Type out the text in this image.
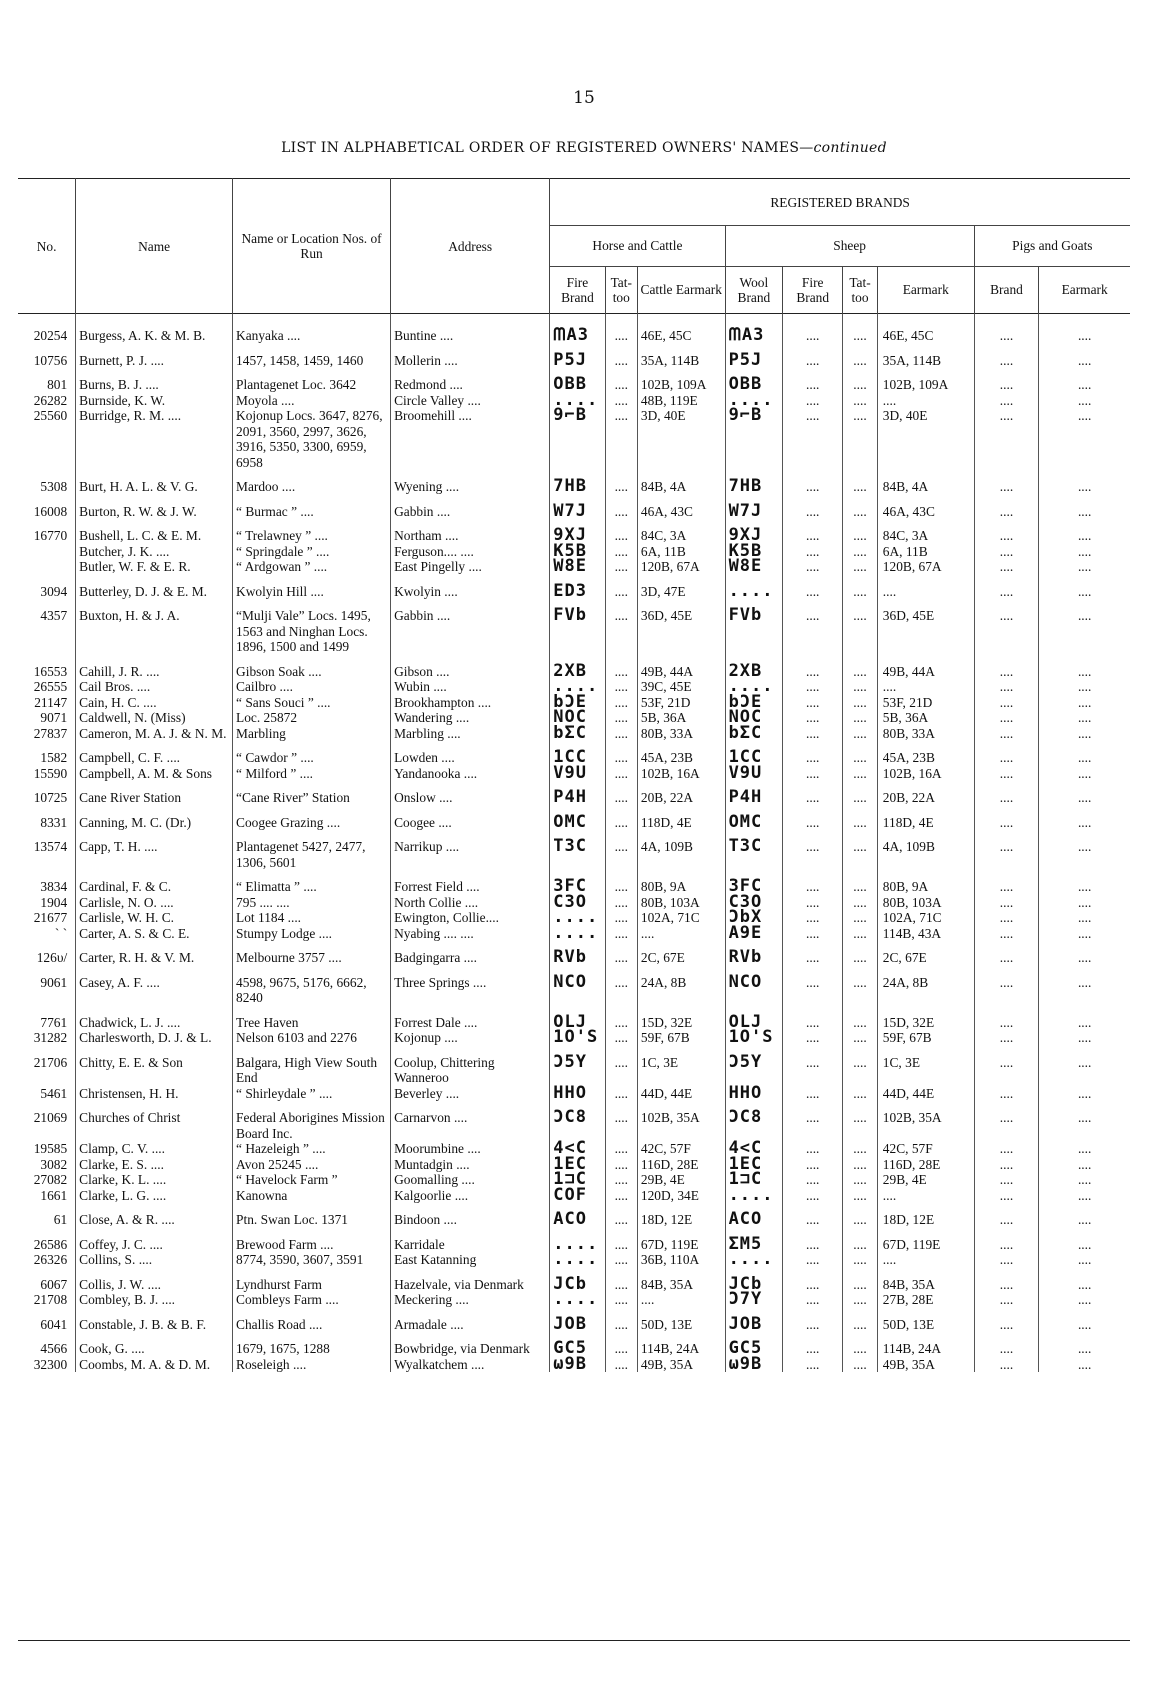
15
LIST IN ALPHABETICAL ORDER OF REGISTERED OWNERS' NAMES—continued
No.	Name	Name or Location Nos. of Run	Address	REGISTERED BRANDS								
				Horse and Cattle			Sheep				Pigs and Goats	
				Fire Brand	Tat-too	Cattle Earmark	Wool Brand	Fire Brand	Tat-too	Earmark	Brand	Earmark
20254	Burgess, A. K. & M. B.	Kanyaka ....	Buntine ....	ᗰA3	....	46E, 45C	ᗰA3	....	....	46E, 45C	....	....
10756	Burnett, P. J. ....	1457, 1458, 1459, 1460	Mollerin ....	P5J	....	35A, 114B	P5J	....	....	35A, 114B	....	....
801	Burns, B. J. ....	Plantagenet Loc. 3642	Redmond ....	OBB	....	102B, 109A	OBB	....	....	102B, 109A	....	....
26282	Burnside, K. W.	Moyola ....	Circle Valley ....	....	....	48B, 119E	....	....	....	....	....	....
25560	Burridge, R. M. ....	Kojonup Locs. 3647, 8276, 2091, 3560, 2997, 3626, 3916, 5350, 3300, 6959, 6958	Broomehill ....	9⌐B	....	3D, 40E	9⌐B	....	....	3D, 40E	....	....
5308	Burt, H. A. L. & V. G.	Mardoo ....	Wyening ....	7HB	....	84B, 4A	7HB	....	....	84B, 4A	....	....
16008	Burton, R. W. & J. W.	“ Burmac ” ....	Gabbin ....	W7J	....	46A, 43C	W7J	....	....	46A, 43C	....	....
16770	Bushell, L. C. & E. M.	“ Trelawney ” ....	Northam ....	9XJ	....	84C, 3A	9XJ	....	....	84C, 3A	....	....
	Butcher, J. K. ....	“ Springdale ” ....	Ferguson.... ....	K5B	....	6A, 11B	K5B	....	....	6A, 11B	....	....
	Butler, W. F. & E. R.	“ Ardgowan ” ....	East Pingelly ....	W8E	....	120B, 67A	W8E	....	....	120B, 67A	....	....
3094	Butterley, D. J. & E. M.	Kwolyin Hill ....	Kwolyin ....	ED3	....	3D, 47E	....	....	....	....	....	....
4357	Buxton, H. & J. A.	“Mulji Vale” Locs. 1495, 1563 and Ninghan Locs. 1896, 1500 and 1499	Gabbin ....	FVb	....	36D, 45E	FVb	....	....	36D, 45E	....	....
16553	Cahill, J. R. ....	Gibson Soak ....	Gibson ....	2XB	....	49B, 44A	2XB	....	....	49B, 44A	....	....
26555	Cail Bros. ....	Cailbro ....	Wubin ....	....	....	39C, 45E	....	....	....	....	....	....
21147	Cain, H. C. ....	“ Sans Souci ” ....	Brookhampton ....	bƆE	....	53F, 21D	bƆE	....	....	53F, 21D	....	....
9071	Caldwell, N. (Miss)	Loc. 25872	Wandering ....	NOC	....	5B, 36A	NOC	....	....	5B, 36A	....	....
27837	Cameron, M. A. J. & N. M.	Marbling	Marbling ....	bΣC	....	80B, 33A	bΣC	....	....	80B, 33A	....	....
1582	Campbell, C. F. ....	“ Cawdor ” ....	Lowden ....	1CC	....	45A, 23B	1CC	....	....	45A, 23B	....	....
15590	Campbell, A. M. & Sons	“ Milford ” ....	Yandanooka ....	V9U	....	102B, 16A	V9U	....	....	102B, 16A	....	....
10725	Cane River Station	“Cane River” Station	Onslow ....	P4H	....	20B, 22A	P4H	....	....	20B, 22A	....	....
8331	Canning, M. C. (Dr.)	Coogee Grazing ....	Coogee ....	OMC	....	118D, 4E	OMC	....	....	118D, 4E	....	....
13574	Capp, T. H. ....	Plantagenet 5427, 2477, 1306, 5601	Narrikup ....	T3C	....	4A, 109B	T3C	....	....	4A, 109B	....	....
3834	Cardinal, F. & C.	“ Elimatta ” ....	Forrest Field ....	3FC	....	80B, 9A	3FC	....	....	80B, 9A	....	....
1904	Carlisle, N. O. ....	795 .... ....	North Collie ....	C3O	....	80B, 103A	C3O	....	....	80B, 103A	....	....
21677	Carlisle, W. H. C.	Lot 1184 ....	Ewington, Collie....	....	....	102A, 71C	ƆbX	....	....	102A, 71C	....	....
` `	Carter, A. S. & C. E.	Stumpy Lodge ....	Nyabing .... ....	....	....	....	A9E	....	....	114B, 43A	....	....
126υ/	Carter, R. H. & V. M.	Melbourne 3757 ....	Badgingarra ....	RVb	....	2C, 67E	RVb	....	....	2C, 67E	....	....
9061	Casey, A. F. ....	4598, 9675, 5176, 6662, 8240	Three Springs ....	NCO	....	24A, 8B	NCO	....	....	24A, 8B	....	....
7761	Chadwick, L. J. ....	Tree Haven	Forrest Dale ....	OLJ	....	15D, 32E	OLJ	....	....	15D, 32E	....	....
31282	Charlesworth, D. J. & L.	Nelson 6103 and 2276	Kojonup ....	1O'S	....	59F, 67B	1O'S	....	....	59F, 67B	....	....
21706	Chitty, E. E. & Son	Balgara, High View South End	Coolup, Chittering Wanneroo	Ɔ5Y	....	1C, 3E	Ɔ5Y	....	....	1C, 3E	....	....
5461	Christensen, H. H.	“ Shirleydale ” ....	Beverley ....	HHO	....	44D, 44E	HHO	....	....	44D, 44E	....	....
21069	Churches of Christ	Federal Aborigines Mission Board Inc.	Carnarvon ....	ƆC8	....	102B, 35A	ƆC8	....	....	102B, 35A	....	....
19585	Clamp, C. V. ....	“ Hazeleigh ” ....	Moorumbine ....	4<C	....	42C, 57F	4<C	....	....	42C, 57F	....	....
3082	Clarke, E. S. ....	Avon 25245 ....	Muntadgin ....	1EC	....	116D, 28E	1EC	....	....	116D, 28E	....	....
27082	Clarke, K. L. ....	“ Havelock Farm ”	Goomalling ....	1⊐C	....	29B, 4E	1⊐C	....	....	29B, 4E	....	....
1661	Clarke, L. G. ....	Kanowna	Kalgoorlie ....	COF	....	120D, 34E	....	....	....	....	....	....
61	Close, A. & R. ....	Ptn. Swan Loc. 1371	Bindoon ....	ACO	....	18D, 12E	ACO	....	....	18D, 12E	....	....
26586	Coffey, J. C. ....	Brewood Farm ....	Karridale	....	....	67D, 119E	ΣM5	....	....	67D, 119E	....	....
26326	Collins, S. ....	8774, 3590, 3607, 3591	East Katanning	....	....	36B, 110A	....	....	....	....	....	....
6067	Collis, J. W. ....	Lyndhurst Farm	Hazelvale, via Denmark	JCb	....	84B, 35A	JCb	....	....	84B, 35A	....	....
21708	Combley, B. J. ....	Combleys Farm ....	Meckering ....	....	....	....	Ɔ7Y	....	....	27B, 28E	....	....
6041	Constable, J. B. & B. F.	Challis Road ....	Armadale ....	JOB	....	50D, 13E	JOB	....	....	50D, 13E	....	....
4566	Cook, G. ....	1679, 1675, 1288	Bowbridge, via Denmark	GC5	....	114B, 24A	GC5	....	....	114B, 24A	....	....
32300	Coombs, M. A. & D. M.	Roseleigh ....	Wyalkatchem ....	ω9B	....	49B, 35A	ω9B	....	....	49B, 35A	....	....
